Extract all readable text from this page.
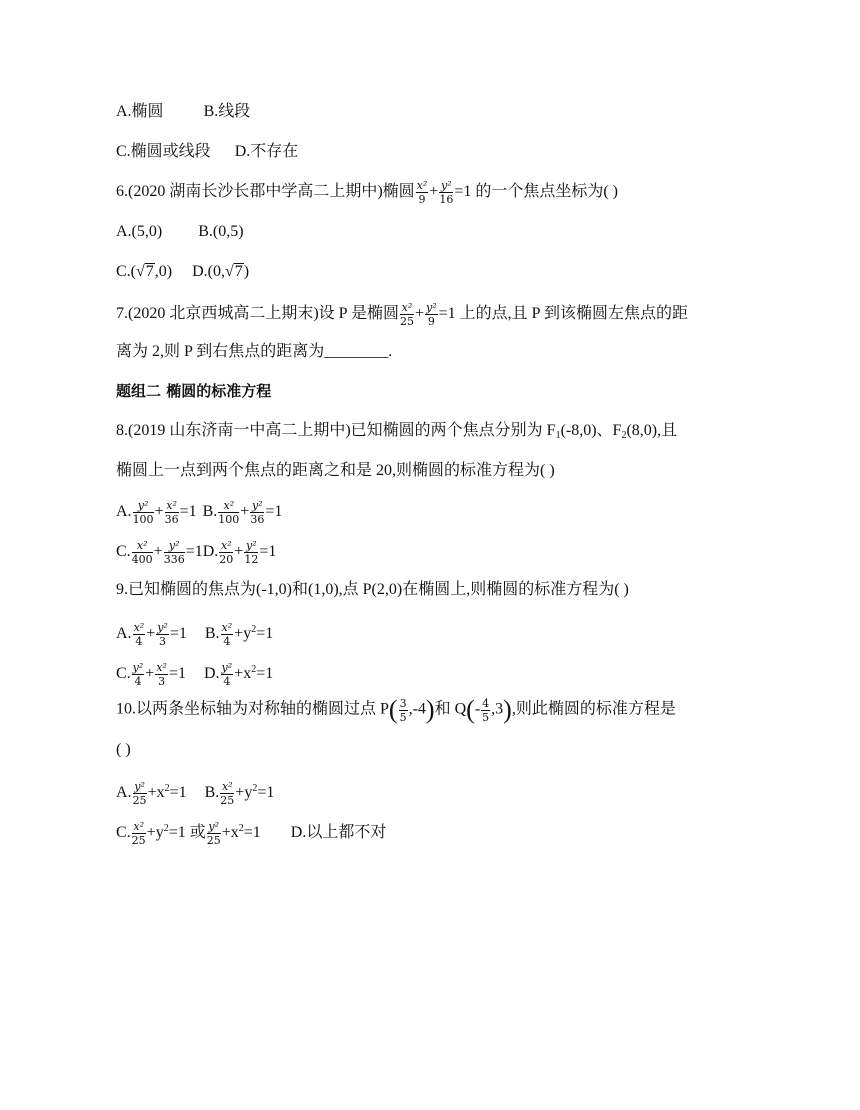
A.椭圆	B.线段
C.椭圆或线段 D.不存在
6.(2020 湖南长沙长郡中学高二上期中)椭圆 $\frac{\text{x²}}{9} + \frac{\text{y²}}{16} =1$ 的一个焦点坐标为( )
A.(5,0) B.(0,5)
C.(√7,0) D.(0,√7)
7.(2020 北京西城高二上期末)设 P 是椭圆 $\frac{\text{x²}}{25} + \frac{\text{y²}}{9} =1$ 上的点,且 P 到该椭圆左焦点的距
离为 2,则 P 到右焦点的距离为________.
题组二 椭圆的标准方程
8.(2019 山东济南一中高二上期中)已知椭圆的两个焦点分别为 $F_1(-8,0)$、$F_2(8,0)$,且
椭圆上一点到两个焦点的距离之和是 20,则椭圆的标准方程为( )
A. $\frac{\text{y²}}{100} + \frac{\text{x²}}{36} =1$ B. $\frac{\text{x²}}{100} + \frac{\text{y²}}{36} =1$
C. $\frac{\text{x²}}{400} + \frac{\text{y²}}{336} =1D$. $\frac{\text{x²}}{20} + \frac{\text{y²}}{12} =1$
9.已知椭圆的焦点为(-1,0)和(1,0),点 P(2,0)在椭圆上,则椭圆的标准方程为( )
A. $\frac{\text{x²}}{4} + \frac{\text{y²}}{3} =1$ B. $\frac{\text{x²}}{4} +y^2=1$
C. $\frac{\text{y²}}{4} + \frac{\text{x²}}{3} =1$ D. $\frac{\text{y²}}{4} +x^2=1$
10.以两条坐标轴为对称轴的椭圆过点 $P( \frac{3}{5} ,-4)$和 $Q(- \frac{4}{5} ,3)$,则此椭圆的标准方程是
( )
A. $\frac{\text{y²}}{25} +x^2=1$ B. $\frac{\text{x²}}{25} +y^2=1$
C. $\frac{\text{x²}}{25} +y^2=1$ 或 $\frac{\text{y²}}{25} +x^2=1$ D.以上都不对
